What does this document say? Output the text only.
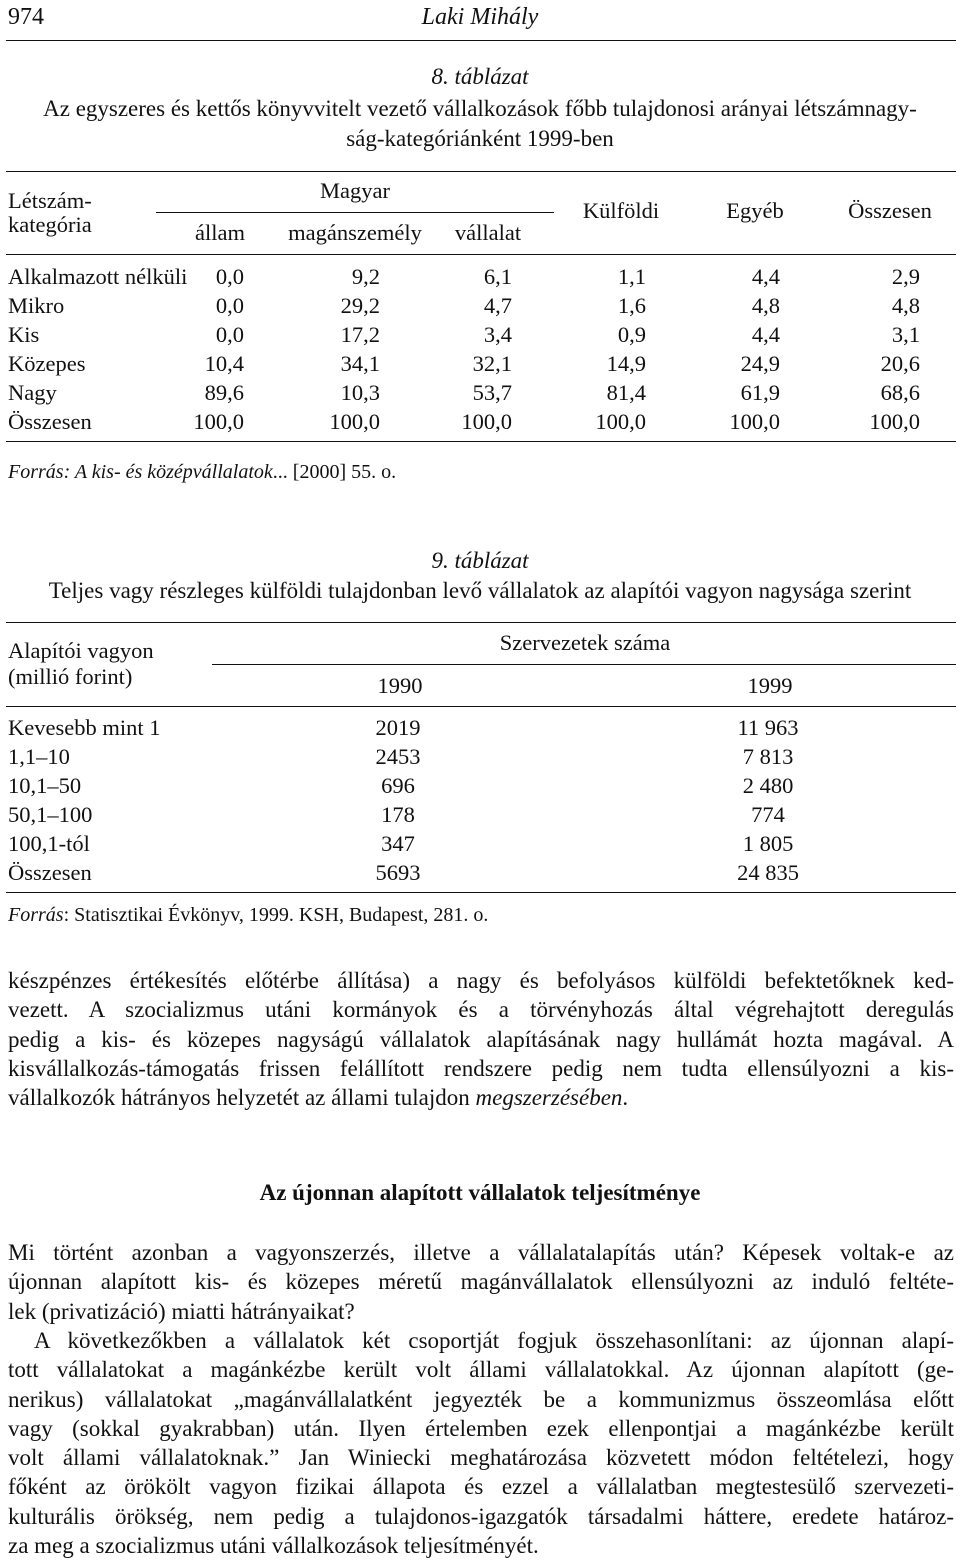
974	Laki Mihály
8. táblázat
Az egyszeres és kettős könyvvitelt vezető vállalkozások főbb tulajdonosi arányai létszámnagy-
ság-kategóriánként 1999-ben
Létszám-
kategória
Magyar
állam	magánszemély	vállalat
Külföldi	Egyéb	Összesen
Alkalmazott nélküli	0,0	9,2	6,1	1,1	4,4	2,9
Mikro	0,0	29,2	4,7	1,6	4,8	4,8
Kis	0,0	17,2	3,4	0,9	4,4	3,1
Közepes	10,4	34,1	32,1	14,9	24,9	20,6
Nagy	89,6	10,3	53,7	81,4	61,9	68,6
Összesen	100,0	100,0	100,0	100,0	100,0	100,0
Forrás: A kis- és középvállalatok... [2000] 55. o.
9. táblázat
Teljes vagy részleges külföldi tulajdonban levő vállalatok az alapítói vagyon nagysága szerint
Alapítói vagyon
(millió forint)
Szervezetek száma
1990	1999
Kevesebb mint 1	2019	11 963
1,1–10	2453	7 813
10,1–50	696	2 480
50,1–100	178	774
100,1-tól	347	1 805
Összesen	5693	24 835
Forrás: Statisztikai Évkönyv, 1999. KSH, Budapest, 281. o.
készpénzes értékesítés előtérbe állítása) a nagy és befolyásos külföldi befektetőknek ked-
vezett. A szocializmus utáni kormányok és a törvényhozás által végrehajtott deregulás
pedig a kis- és közepes nagyságú vállalatok alapításának nagy hullámát hozta magával. A
kisvállalkozás-támogatás frissen felállított rendszere pedig nem tudta ellensúlyozni a kis-
vállalkozók hátrányos helyzetét az állami tulajdon megszerzésében.
Az újonnan alapított vállalatok teljesítménye
Mi történt azonban a vagyonszerzés, illetve a vállalatalapítás után? Képesek voltak-e az
újonnan alapított kis- és közepes méretű magánvállalatok ellensúlyozni az induló feltéte-
lek (privatizáció) miatti hátrányaikat?
A következőkben a vállalatok két csoportját fogjuk összehasonlítani: az újonnan alapí-
tott vállalatokat a magánkézbe került volt állami vállalatokkal. Az újonnan alapított (ge-
nerikus) vállalatokat „magánvállalatként jegyezték be a kommunizmus összeomlása előtt
vagy (sokkal gyakrabban) után. Ilyen értelemben ezek ellenpontjai a magánkézbe került
volt állami vállalatoknak.” Jan Winiecki meghatározása közvetett módon feltételezi, hogy
főként az örökölt vagyon fizikai állapota és ezzel a vállalatban megtestesülő szervezeti-
kulturális örökség, nem pedig a tulajdonos-igazgatók társadalmi háttere, eredete határoz-
za meg a szocializmus utáni vállalkozások teljesítményét.
